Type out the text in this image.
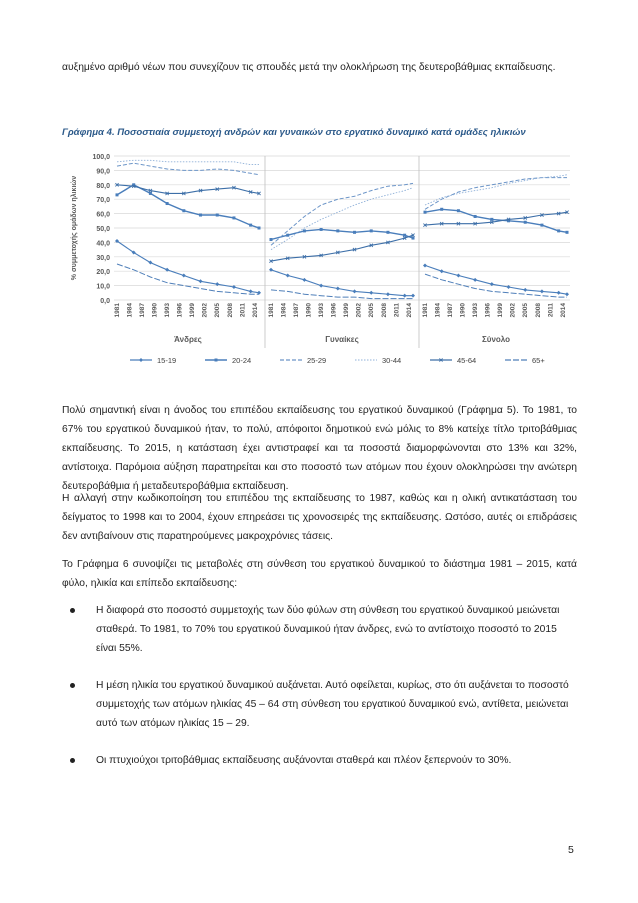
αυξημένο αριθμό νέων που συνεχίζουν τις σπουδές μετά την ολοκλήρωση της δευτεροβάθμιας εκπαίδευσης.

Γράφημα 4. Ποσοστιαία συμμετοχή ανδρών και γυναικών στο εργατικό δυναμικό κατά ομάδες ηλικιών
0,0
10,0
20,0
30,0
40,0
50,0
60,0
70,0
80,0
90,0
100,0
% συμμετοχής ομάδων ηλικιών
1981 1984 1987 1990 1993 1996 1999 2002 2005 2008 2011 2014
Άνδρες
1981 1984 1987 1990 1993 1996 1999 2002 2005 2008 2011 2014
Γυναίκες
1981 1984 1987 1990 1993 1996 1999 2002 2005 2008 2011 2014
Σύνολο
15-19	20-24	25-29	30-44	45-64	65+

Πολύ σημαντική είναι η άνοδος του επιπέδου εκπαίδευσης του εργατικού δυναμικού (Γράφημα 5). Το 1981, το 67% του εργατικού δυναμικού ήταν, το πολύ, απόφοιτοι δημοτικού ενώ μόλις το 8% κατείχε τίτλο τριτοβάθμιας εκπαίδευσης. Το 2015, η κατάσταση έχει αντιστραφεί και τα ποσοστά διαμορφώνονται στο 13% και 32%, αντίστοιχα. Παρόμοια αύξηση παρατηρείται και στο ποσοστό των ατόμων που έχουν ολοκληρώσει την ανώτερη δευτεροβάθμια ή μεταδευτεροβάθμια εκπαίδευση.

Η αλλαγή στην κωδικοποίηση του επιπέδου της εκπαίδευσης το 1987, καθώς και η ολική αντικατάσταση του δείγματος το 1998 και το 2004, έχουν επηρεάσει τις χρονοσειρές της εκπαίδευσης. Ωστόσο, αυτές οι επιδράσεις δεν αντιβαίνουν στις παρατηρούμενες μακροχρόνιες τάσεις.

Το Γράφημα 6 συνοψίζει τις μεταβολές στη σύνθεση του εργατικού δυναμικού το διάστημα 1981 – 2015, κατά φύλο, ηλικία και επίπεδο εκπαίδευσης:

Η διαφορά στο ποσοστό συμμετοχής των δύο φύλων στη σύνθεση του εργατικού δυναμικού μειώνεται σταθερά. Το 1981, το 70% του εργατικού δυναμικού ήταν άνδρες, ενώ το αντίστοιχο ποσοστό το 2015 είναι 55%.
Η μέση ηλικία του εργατικού δυναμικού αυξάνεται. Αυτό οφείλεται, κυρίως, στο ότι αυξάνεται το ποσοστό συμμετοχής των ατόμων ηλικίας 45 – 64 στη σύνθεση του εργατικού δυναμικού ενώ, αντίθετα, μειώνεται αυτό των ατόμων ηλικίας 15 – 29.
Οι πτυχιούχοι τριτοβάθμιας εκπαίδευσης αυξάνονται σταθερά και πλέον ξεπερνούν το 30%.
5
